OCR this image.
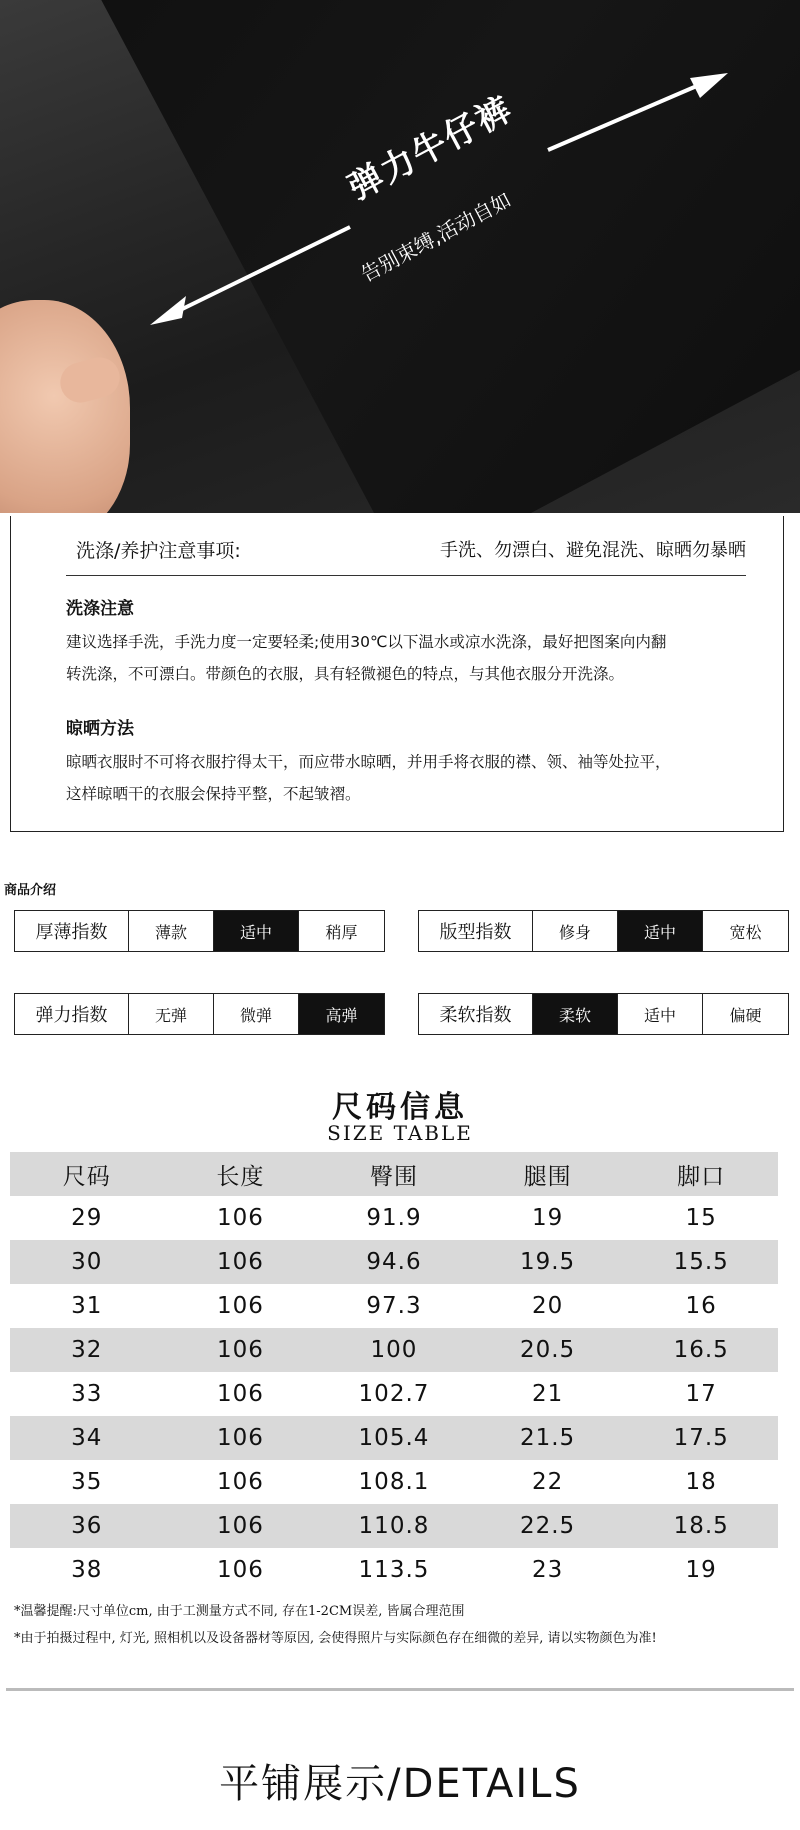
弹力牛仔裤
告别束缚,活动自如
洗涤/养护注意事项:	手洗、勿漂白、避免混洗、晾晒勿暴晒
洗涤注意

建议选择手洗，手洗力度一定要轻柔;使用30℃以下温水或凉水洗涤，最好把图案向内翻

转洗涤，不可漂白。带颜色的衣服，具有轻微褪色的特点，与其他衣服分开洗涤。

晾晒方法

晾晒衣服时不可将衣服拧得太干，而应带水晾晒，并用手将衣服的襟、领、袖等处拉平，

这样晾晒干的衣服会保持平整，不起皱褶。

商品介绍
厚薄指数	薄款	适中	稍厚	版型指数	修身	适中	宽松
弹力指数	无弹	微弹	高弹	柔软指数	柔软	适中	偏硬
尺码信息
SIZE TABLE
尺码	长度	臀围	腿围	脚口
29	106	91.9	19	15
30	106	94.6	19.5	15.5
31	106	97.3	20	16
32	106	100	20.5	16.5
33	106	102.7	21	17
34	106	105.4	21.5	17.5
35	106	108.1	22	18
36	106	110.8	22.5	18.5
38	106	113.5	23	19
*温馨提醒:尺寸单位cm, 由于工测量方式不同, 存在1-2CM误差, 皆属合理范围
*由于拍摄过程中, 灯光, 照相机以及设备器材等原因, 会使得照片与实际颜色存在细微的差异, 请以实物颜色为准!
平铺展示/DETAILS
